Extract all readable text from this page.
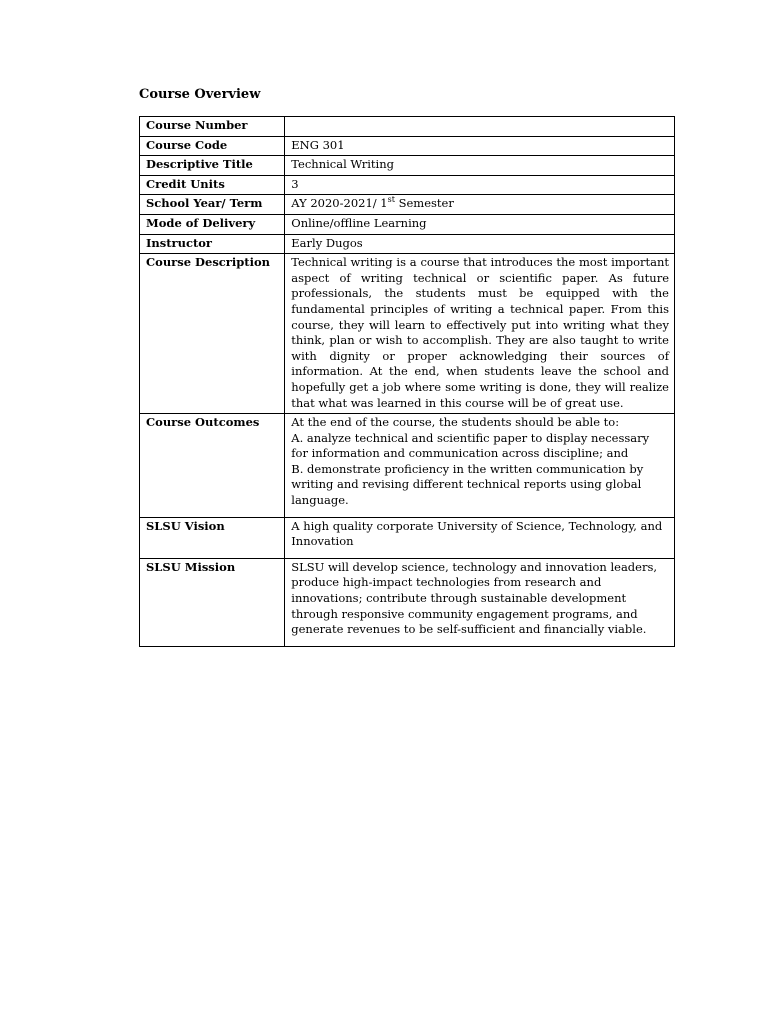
Course Overview
Course Number	
Course Code	ENG 301
Descriptive Title	Technical Writing
Credit Units	3
School Year/ Term	AY 2020-2021/ 1st Semester
Mode of Delivery	Online/offline Learning
Instructor	Early Dugos
Course Description	Technical writing is a course that introduces the most important aspect of writing technical or scientific paper. As future professionals, the students must be equipped with the fundamental principles of writing a technical paper. From this course, they will learn to effectively put into writing what they think, plan or wish to accomplish. They are also taught to write with dignity or proper acknowledging their sources of information. At the end, when students leave the school and hopefully get a job where some writing is done, they will realize that what was learned in this course will be of great use.
Course Outcomes	At the end of the course, the students should be able to:
A. analyze technical and scientific paper to display necessary for information and communication across discipline; and
B. demonstrate proficiency in the written communication by writing and revising different technical reports using global language.

SLSU Vision	A high quality corporate University of Science, Technology, and Innovation
SLSU Mission	SLSU will develop science, technology and innovation leaders, produce high-impact technologies from research and innovations; contribute through sustainable development through responsive community engagement programs, and generate revenues to be self-sufficient and financially viable.
